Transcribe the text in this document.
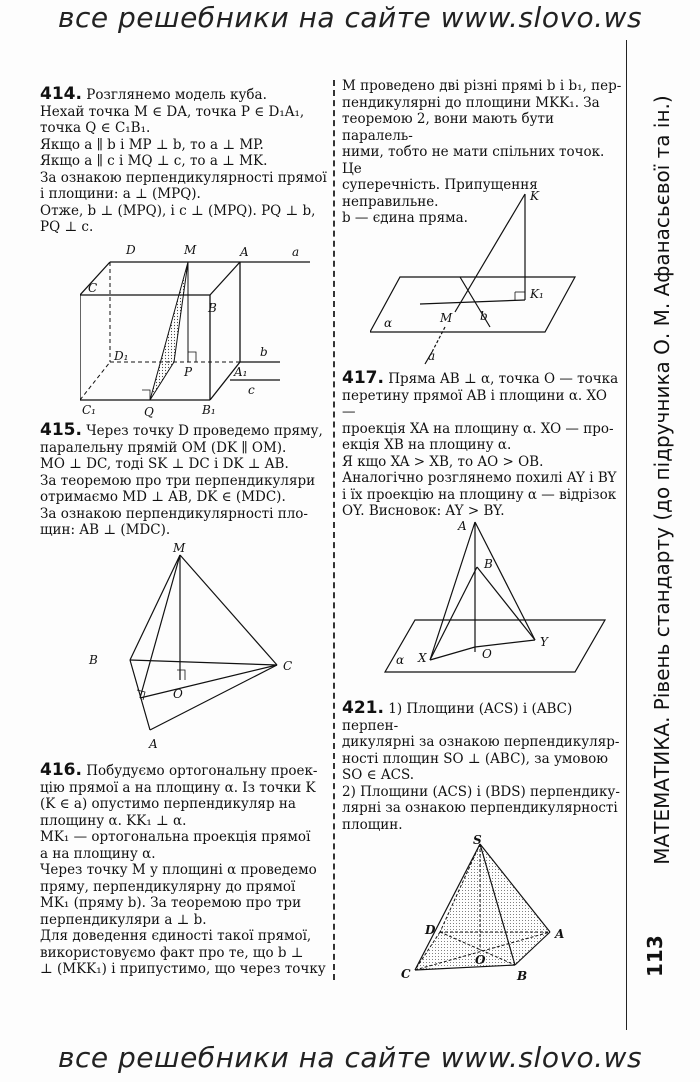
все решебники на сайте www.slovo.ws

414. Розглянемо модель куба.

Нехай точка M ∈ DA, точка P ∈ D₁A₁,

точка Q ∈ C₁B₁.

Якщо a ∥ b і MP ⊥ b, то a ⊥ MP.

Якщо a ∥ c і MQ ⊥ c, то a ⊥ MK.

За ознакою перпендикулярності прямої

і площини: a ⊥ (MPQ).

Отже, b ⊥ (MPQ), і c ⊥ (MPQ). PQ ⊥ b,

PQ ⊥ c.

D	M	A	a
C
B
D₁	b
P	A₁
c
C₁	Q	B₁

415. Через точку D проведемо пряму,

паралельну прямій OM (DK ∥ OM).

MO ⊥ DC, тоді SK ⊥ DC і DK ⊥ AB.

За теоремою про три перпендикуляри

отримаємо MD ⊥ AB, DK ∈ (MDC).

За ознакою перпендикулярності пло-

щин: AB ⊥ (MDC).

M
B	C
O
A

416. Побудуємо ортогональну проек-

цію прямої a на площину α. Із точки K

(K ∈ a) опустимо перпендикуляр на

площину α. KK₁ ⊥ α.

MK₁ — ортогональна проекція прямої

a на площину α.

Через точку M у площині α проведемо

пряму, перпендикулярну до прямої

MK₁ (пряму b). За теоремою про три

перпендикуляри a ⊥ b.

Для доведення єдиності такої прямої,

використовуємо факт про те, що b ⊥

⊥ (MKK₁) і припустимо, що через точку

M проведено дві різні прямі b і b₁, пер-

пендикулярні до площини MKK₁. За

теоремою 2, вони мають бути паралель-

ними, тобто не мати спільних точок. Це

суперечність. Припущення неправильне.

b — єдина пряма.

K
K₁
α	M b
a

417. Пряма AB ⊥ α, точка O — точка

перетину прямої AB і площини α. XO —

проекція XA на площину α. XO — про-

екція XB на площину α.

Я кщо XA > XB, то AO > OB.

Аналогічно розглянемо похилі AY і BY

і їх проекцію на площину α — відрізок

OY. Висновок: AY > BY.

A
B
X	O
Y
α

421. 1) Площини (ACS) і (ABC) перпен-

дикулярні за ознакою перпендикуляр-

ності площин SO ⊥ (ABC), за умовою

SO ∈ ACS.

2) Площини (ACS) і (BDS) перпендику-

лярні за ознакою перпендикулярності

площин.

S
D	A
C
O
B
МАТЕМАТИКА. Рівень стандарту (до підручника О. М. Афанасьєвої та ін.)
113
все решебники на сайте www.slovo.ws
